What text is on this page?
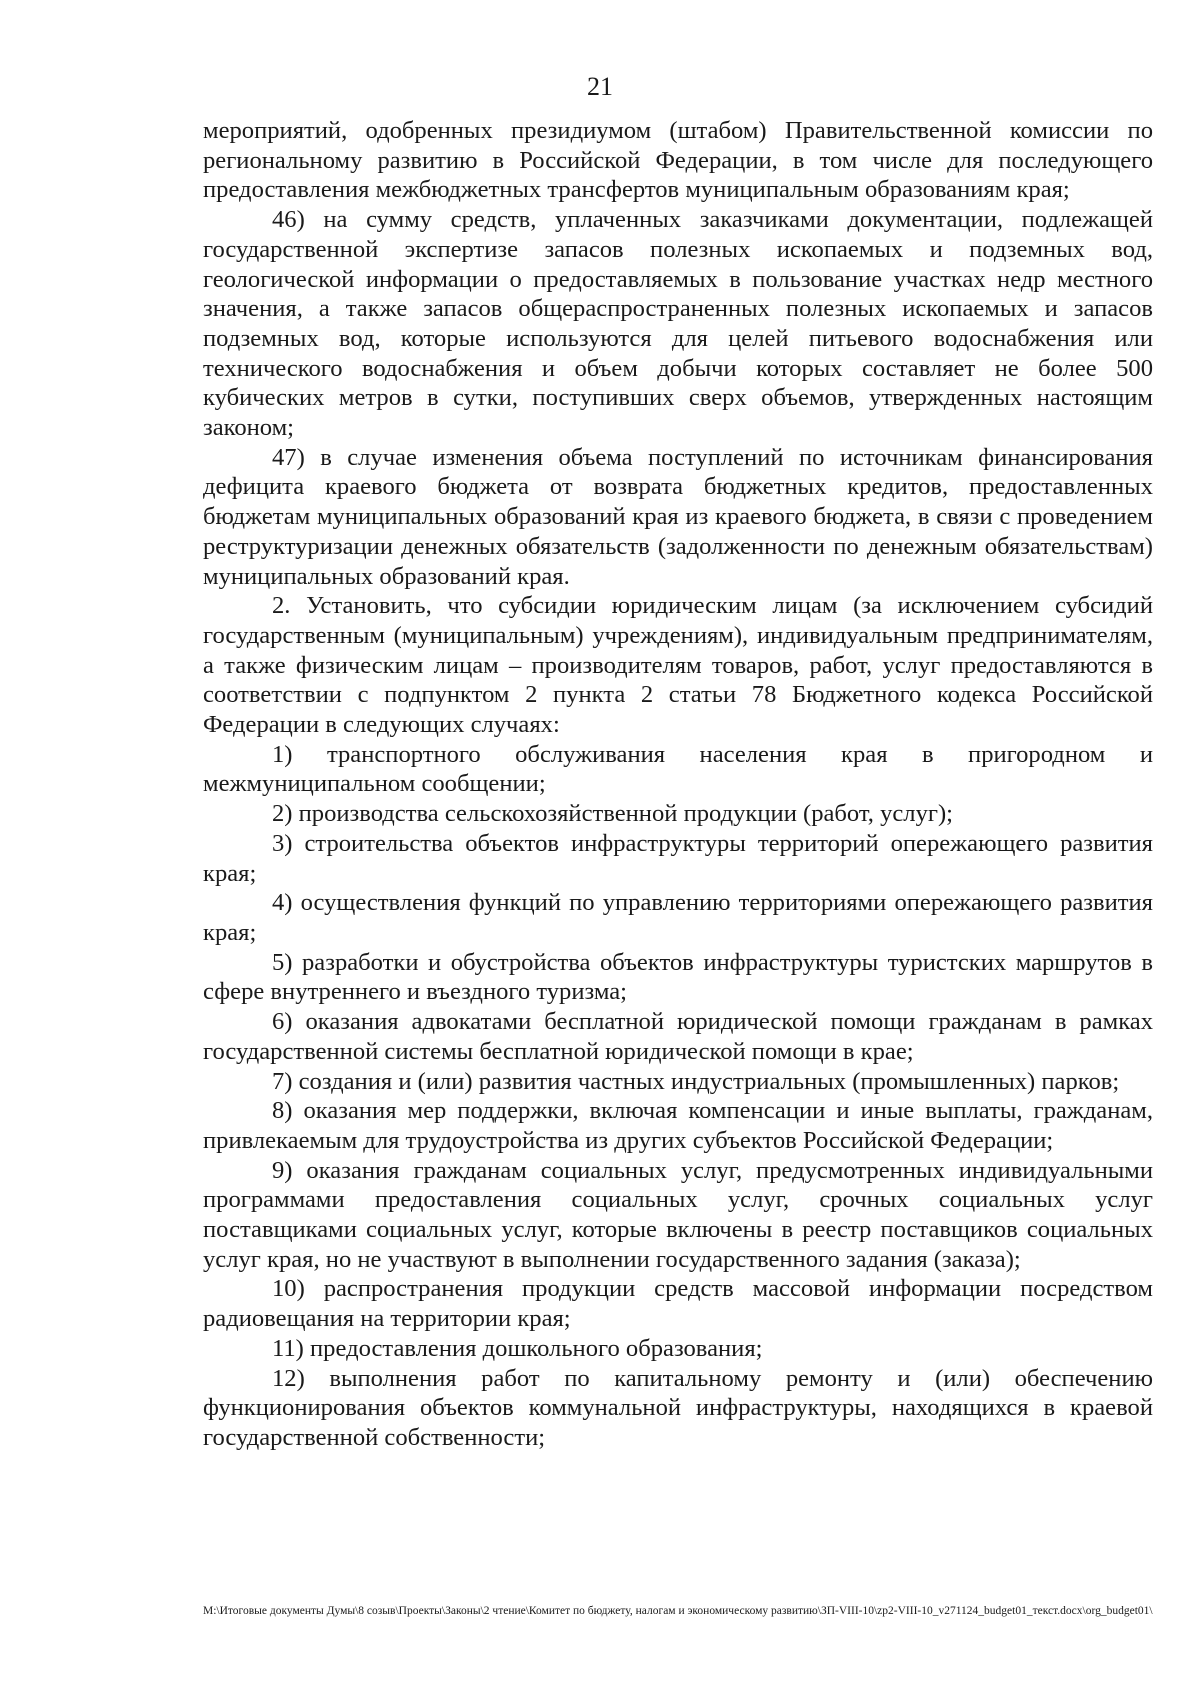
21

мероприятий, одобренных президиумом (штабом) Правительственной комиссии по региональному развитию в Российской Федерации, в том числе для последующего предоставления межбюджетных трансфертов муниципальным образованиям края;

46) на сумму средств, уплаченных заказчиками документации, подлежащей государственной экспертизе запасов полезных ископаемых и подземных вод, геологической информации о предоставляемых в пользование участках недр местного значения, а также запасов общераспространенных полезных ископаемых и запасов подземных вод, которые используются для целей питьевого водоснабжения или технического водоснабжения и объем добычи которых составляет не более 500 кубических метров в сутки, поступивших сверх объемов, утвержденных настоящим законом;

47) в случае изменения объема поступлений по источникам финансирования дефицита краевого бюджета от возврата бюджетных кредитов, предоставленных бюджетам муниципальных образований края из краевого бюджета, в связи с проведением реструктуризации денежных обязательств (задолженности по денежным обязательствам) муниципальных образований края.

2. Установить, что субсидии юридическим лицам (за исключением субсидий государственным (муниципальным) учреждениям), индивидуальным предпринимателям, а также физическим лицам – производителям товаров, работ, услуг предоставляются в соответствии с подпунктом 2 пункта 2 статьи 78 Бюджетного кодекса Российской Федерации в следующих случаях:

1) транспортного обслуживания населения края в пригородном и межмуниципальном сообщении;

2) производства сельскохозяйственной продукции (работ, услуг);

3) строительства объектов инфраструктуры территорий опережающего развития края;

4) осуществления функций по управлению территориями опережающего развития края;

5) разработки и обустройства объектов инфраструктуры туристских маршрутов в сфере внутреннего и въездного туризма;

6) оказания адвокатами бесплатной юридической помощи гражданам в рамках государственной системы бесплатной юридической помощи в крае;

7) создания и (или) развития частных индустриальных (промышленных) парков;

8) оказания мер поддержки, включая компенсации и иные выплаты, гражданам, привлекаемым для трудоустройства из других субъектов Российской Федерации;

9) оказания гражданам социальных услуг, предусмотренных индивидуальными программами предоставления социальных услуг, срочных социальных услуг поставщиками социальных услуг, которые включены в реестр поставщиков социальных услуг края, но не участвуют в выполнении государственного задания (заказа);

10) распространения продукции средств массовой информации посредством радиовещания на территории края;

11) предоставления дошкольного образования;

12) выполнения работ по капитальному ремонту и (или) обеспечению функционирования объектов коммунальной инфраструктуры, находящихся в краевой государственной собственности;

М:\Итоговые документы Думы\8 созыв\Проекты\Законы\2 чтение\Комитет по бюджету, налогам и экономическому развитию\ЗП-VIII-10\zp2-VIII-10_v271124_budget01_текст.docx\org_budget01\
